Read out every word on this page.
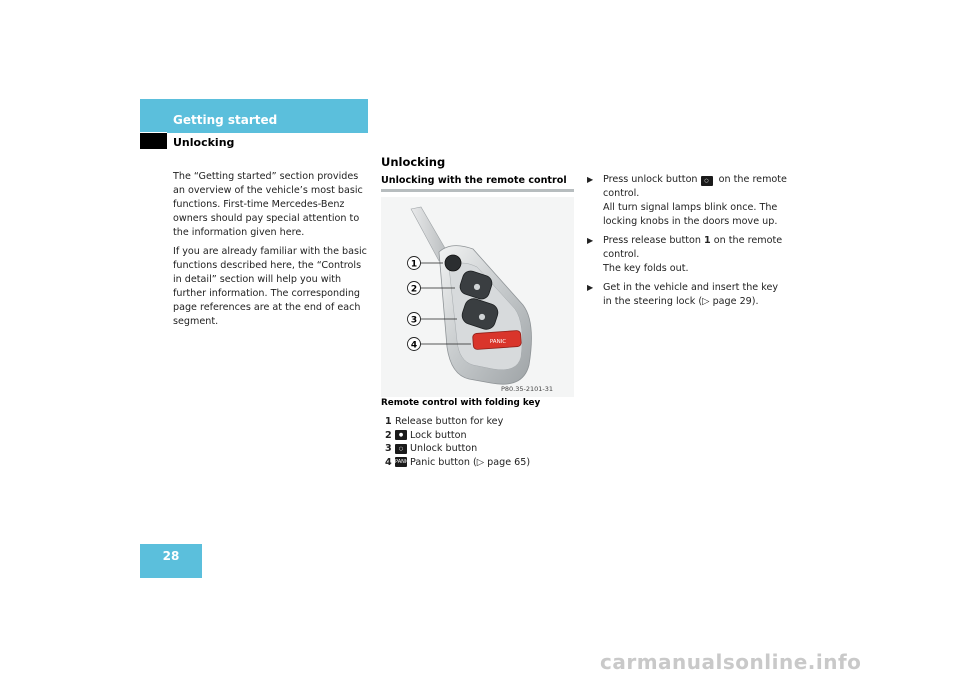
Getting started
Unlocking

The “Getting started” section provides an overview of the vehicle’s most basic functions. First-time Mercedes-Benz owners should pay special attention to the information given here.

If you are already familiar with the basic functions described here, the “Controls in detail” section will help you with further information. The corresponding page references are at the end of each segment.

Unlocking
Unlocking with the remote control
●
●
PANIC
1
2
3
4
P80.35-2101-31
Remote control with folding key
1 Release button for key
2	● Lock button
3	○ Unlock button
4 PANIC Panic button (▷ page 65)
▶ Press unlock button ○ on the remote control.

All turn signal lamps blink once. The locking knobs in the doors move up.

▶ Press release button 1 on the remote control.

The key folds out.

▶ Get in the vehicle and insert the key in the steering lock (▷ page 29).
28
carmanualsonline.info
